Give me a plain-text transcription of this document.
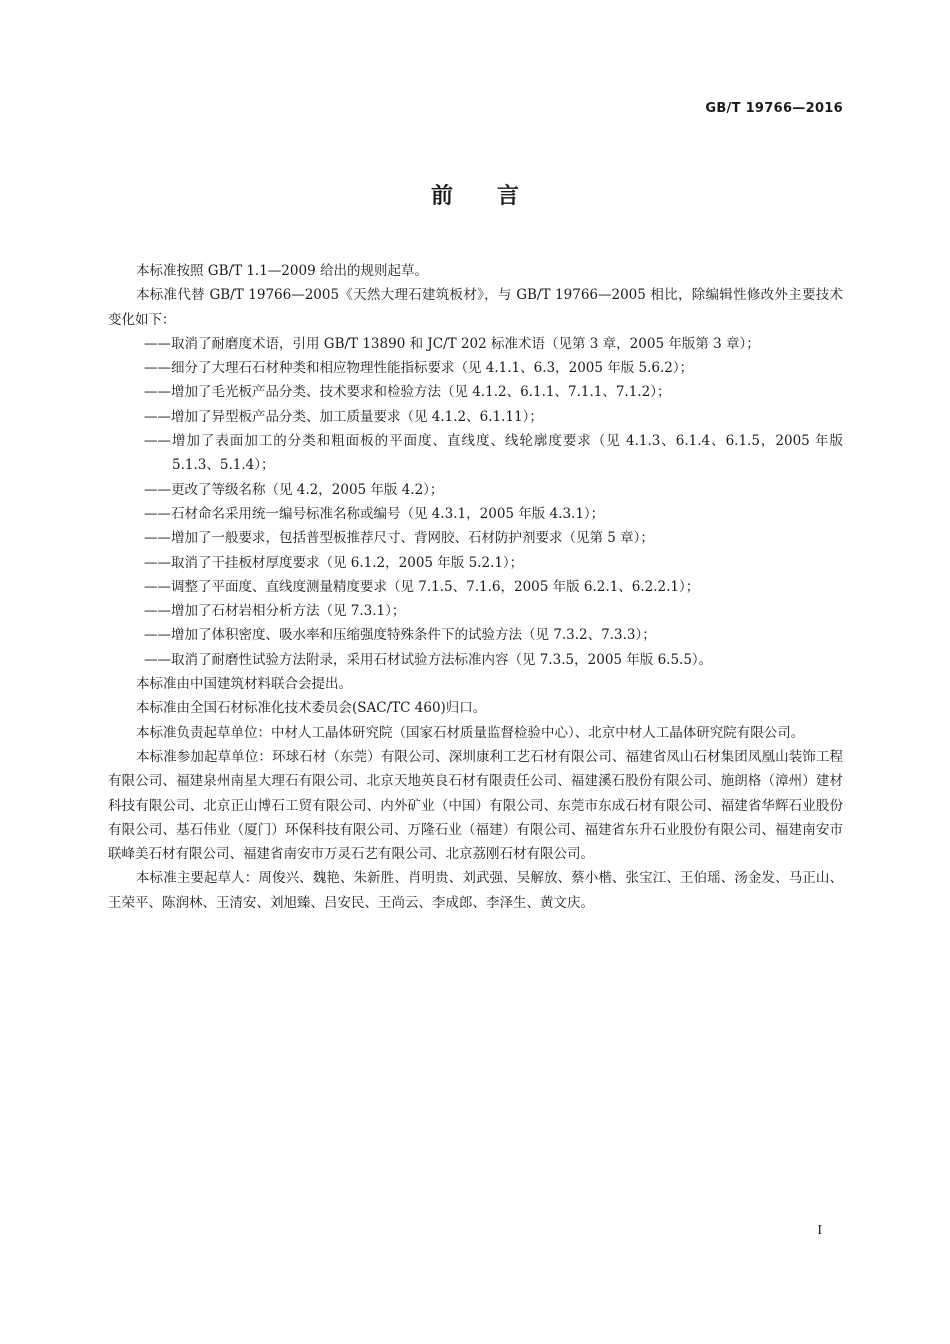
GB/T 19766—2016
前言

本标准按照 GB/T 1.1—2009 给出的规则起草。

本标准代替 GB/T 19766—2005《天然大理石建筑板材》，与 GB/T 19766—2005 相比，除编辑性修改外主要技术变化如下：

——取消了耐磨度术语，引用 GB/T 13890 和 JC/T 202 标准术语（见第 3 章，2005 年版第 3 章）；
——细分了大理石石材种类和相应物理性能指标要求（见 4.1.1、6.3，2005 年版 5.6.2）；
——增加了毛光板产品分类、技术要求和检验方法（见 4.1.2、6.1.1、7.1.1、7.1.2）；
——增加了异型板产品分类、加工质量要求（见 4.1.2、6.1.11）；
——增加了表面加工的分类和粗面板的平面度、直线度、线轮廓度要求（见 4.1.3、6.1.4、6.1.5，2005 年版 5.1.3、5.1.4）；
——更改了等级名称（见 4.2，2005 年版 4.2）；
——石材命名采用统一编号标准名称或编号（见 4.3.1，2005 年版 4.3.1）；
——增加了一般要求，包括普型板推荐尺寸、背网胶、石材防护剂要求（见第 5 章）；
——取消了干挂板材厚度要求（见 6.1.2，2005 年版 5.2.1）；
——调整了平面度、直线度测量精度要求（见 7.1.5、7.1.6，2005 年版 6.2.1、6.2.2.1）；
——增加了石材岩相分析方法（见 7.3.1）；
——增加了体积密度、吸水率和压缩强度特殊条件下的试验方法（见 7.3.2、7.3.3）；
——取消了耐磨性试验方法附录，采用石材试验方法标准内容（见 7.3.5，2005 年版 6.5.5）。

本标准由中国建筑材料联合会提出。

本标准由全国石材标准化技术委员会(SAC/TC 460)归口。

本标准负责起草单位：中材人工晶体研究院（国家石材质量监督检验中心）、北京中材人工晶体研究院有限公司。

本标准参加起草单位：环球石材（东莞）有限公司、深圳康利工艺石材有限公司、福建省凤山石材集团凤凰山装饰工程有限公司、福建泉州南星大理石有限公司、北京天地英良石材有限责任公司、福建溪石股份有限公司、施朗格（漳州）建材科技有限公司、北京正山博石工贸有限公司、内外矿业（中国）有限公司、东莞市东成石材有限公司、福建省华辉石业股份有限公司、基石伟业（厦门）环保科技有限公司、万隆石业（福建）有限公司、福建省东升石业股份有限公司、福建南安市联峰美石材有限公司、福建省南安市万灵石艺有限公司、北京荔刚石材有限公司。

本标准主要起草人：周俊兴、魏艳、朱新胜、肖明贵、刘武强、吴解放、蔡小楷、张宝江、王伯瑶、汤金发、马正山、王荣平、陈润林、王清安、刘旭臻、吕安民、王尚云、李成郎、李泽生、黄文庆。

I
